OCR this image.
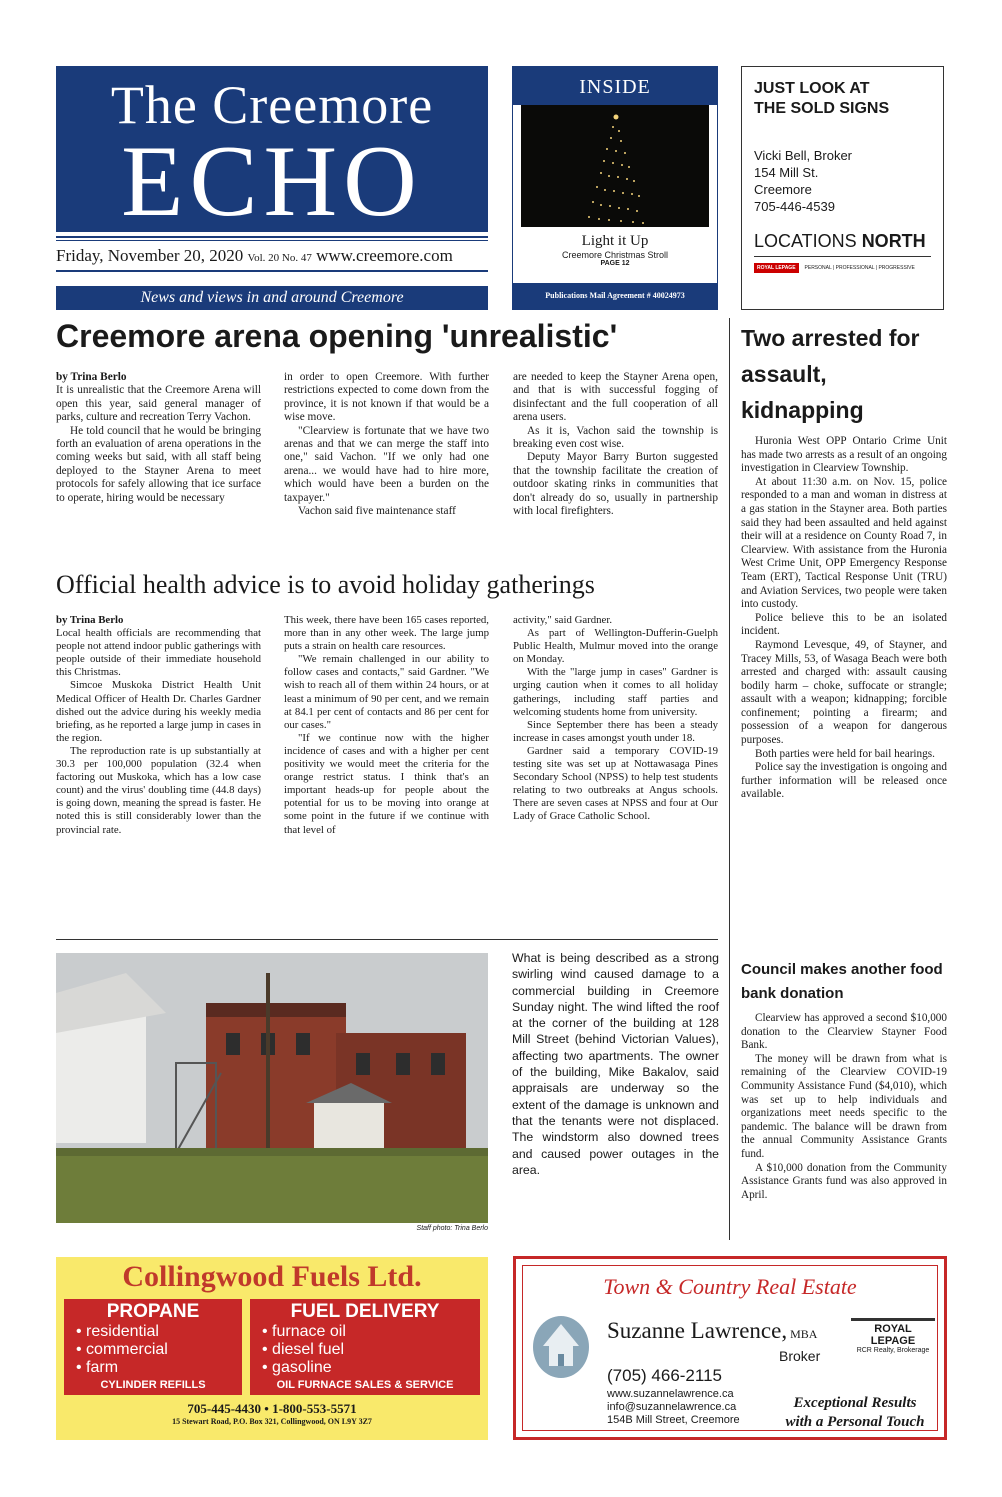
The Creemore
ECHO
Friday, November 20, 2020 Vol. 20 No. 47 www.creemore.com
News and views in and around Creemore
INSIDE
Light it Up
Creemore Christmas Stroll
PAGE 12
Publications Mail Agreement # 40024973
JUST LOOK AT
THE SOLD SIGNS
Vicki Bell, Broker
154 Mill St.
Creemore
705-446-4539
LOCATIONS NORTH
ROYAL LEPAGE	PERSONAL | PROFESSIONAL | PROGRESSIVE
Creemore arena opening 'unrealistic'

by Trina Berlo

It is unrealistic that the Creemore Arena will open this year, said general manager of parks, culture and recreation Terry Vachon.

He told council that he would be bringing forth an evaluation of arena operations in the coming weeks but said, with all staff being deployed to the Stayner Arena to meet protocols for safely allowing that ice surface to operate, hiring would be necessary

in order to open Creemore. With further restrictions expected to come down from the province, it is not known if that would be a wise move.

"Clearview is fortunate that we have two arenas and that we can merge the staff into one," said Vachon. "If we only had one arena... we would have had to hire more, which would have been a burden on the taxpayer."

Vachon said five maintenance staff

are needed to keep the Stayner Arena open, and that is with successful fogging of disinfectant and the full cooperation of all arena users.

As it is, Vachon said the township is breaking even cost wise.

Deputy Mayor Barry Burton suggested that the township facilitate the creation of outdoor skating rinks in communities that don't already do so, usually in partnership with local firefighters.

Official health advice is to avoid holiday gatherings

by Trina Berlo

Local health officials are recommending that people not attend indoor public gatherings with people outside of their immediate household this Christmas.

Simcoe Muskoka District Health Unit Medical Officer of Health Dr. Charles Gardner dished out the advice during his weekly media briefing, as he reported a large jump in cases in the region.

The reproduction rate is up substantially at 30.3 per 100,000 population (32.4 when factoring out Muskoka, which has a low case count) and the virus' doubling time (44.8 days) is going down, meaning the spread is faster. He noted this is still considerably lower than the provincial rate.

This week, there have been 165 cases reported, more than in any other week. The large jump puts a strain on health care resources.

"We remain challenged in our ability to follow cases and contacts," said Gardner. "We wish to reach all of them within 24 hours, or at least a minimum of 90 per cent, and we remain at 84.1 per cent of contacts and 86 per cent for our cases."

"If we continue now with the higher incidence of cases and with a higher per cent positivity we would meet the criteria for the orange restrict status. I think that's an important heads-up for people about the potential for us to be moving into orange at some point in the future if we continue with that level of

activity," said Gardner.

As part of Wellington-Dufferin-Guelph Public Health, Mulmur moved into the orange on Monday.

With the "large jump in cases" Gardner is urging caution when it comes to all holiday gatherings, including staff parties and welcoming students home from university.

Since September there has been a steady increase in cases amongst youth under 18.

Gardner said a temporary COVID-19 testing site was set up at Nottawasaga Pines Secondary School (NPSS) to help test students relating to two outbreaks at Angus schools. There are seven cases at NPSS and four at Our Lady of Grace Catholic School.

Two arrested for assault, kidnapping

Huronia West OPP Ontario Crime Unit has made two arrests as a result of an ongoing investigation in Clearview Township.

At about 11:30 a.m. on Nov. 15, police responded to a man and woman in distress at a gas station in the Stayner area. Both parties said they had been assaulted and held against their will at a residence on County Road 7, in Clearview. With assistance from the Huronia West Crime Unit, OPP Emergency Response Team (ERT), Tactical Response Unit (TRU) and Aviation Services, two people were taken into custody.

Police believe this to be an isolated incident.

Raymond Levesque, 49, of Stayner, and Tracey Mills, 53, of Wasaga Beach were both arrested and charged with: assault causing bodily harm – choke, suffocate or strangle; assault with a weapon; kidnapping; forcible confinement; pointing a firearm; and possession of a weapon for dangerous purposes.

Both parties were held for bail hearings.

Police say the investigation is ongoing and further information will be released once available.

Council makes another food bank donation

Clearview has approved a second $10,000 donation to the Clearview Stayner Food Bank.

The money will be drawn from what is remaining of the Clearview COVID-19 Community Assistance Fund ($4,010), which was set up to help individuals and organizations meet needs specific to the pandemic. The balance will be drawn from the annual Community Assistance Grants fund.

A $10,000 donation from the Community Assistance Grants fund was also approved in April.

Staff photo: Trina Berlo
What is being described as a strong swirling wind caused damage to a commercial building in Creemore Sunday night. The wind lifted the roof at the corner of the building at 128 Mill Street (behind Victorian Values), affecting two apartments. The owner of the building, Mike Bakalov, said appraisals are underway so the extent of the damage is unknown and that the tenants were not displaced. The windstorm also downed trees and caused power outages in the area.
Collingwood Fuels Ltd.
PROPANE
• residential
• commercial
• farm
CYLINDER REFILLS
FUEL DELIVERY
• furnace oil
• diesel fuel
• gasoline
OIL FURNACE SALES & SERVICE
705-445-4430 • 1-800-553-5571
15 Stewart Road, P.O. Box 321, Collingwood, ON L9Y 3Z7
Town & Country Real Estate
Suzanne Lawrence, MBA
Broker
ROYAL LEPAGE
RCR Realty, Brokerage
(705) 466-2115
www.suzannelawrence.ca
info@suzannelawrence.ca
154B Mill Street, Creemore
Exceptional Results
with a Personal Touch
